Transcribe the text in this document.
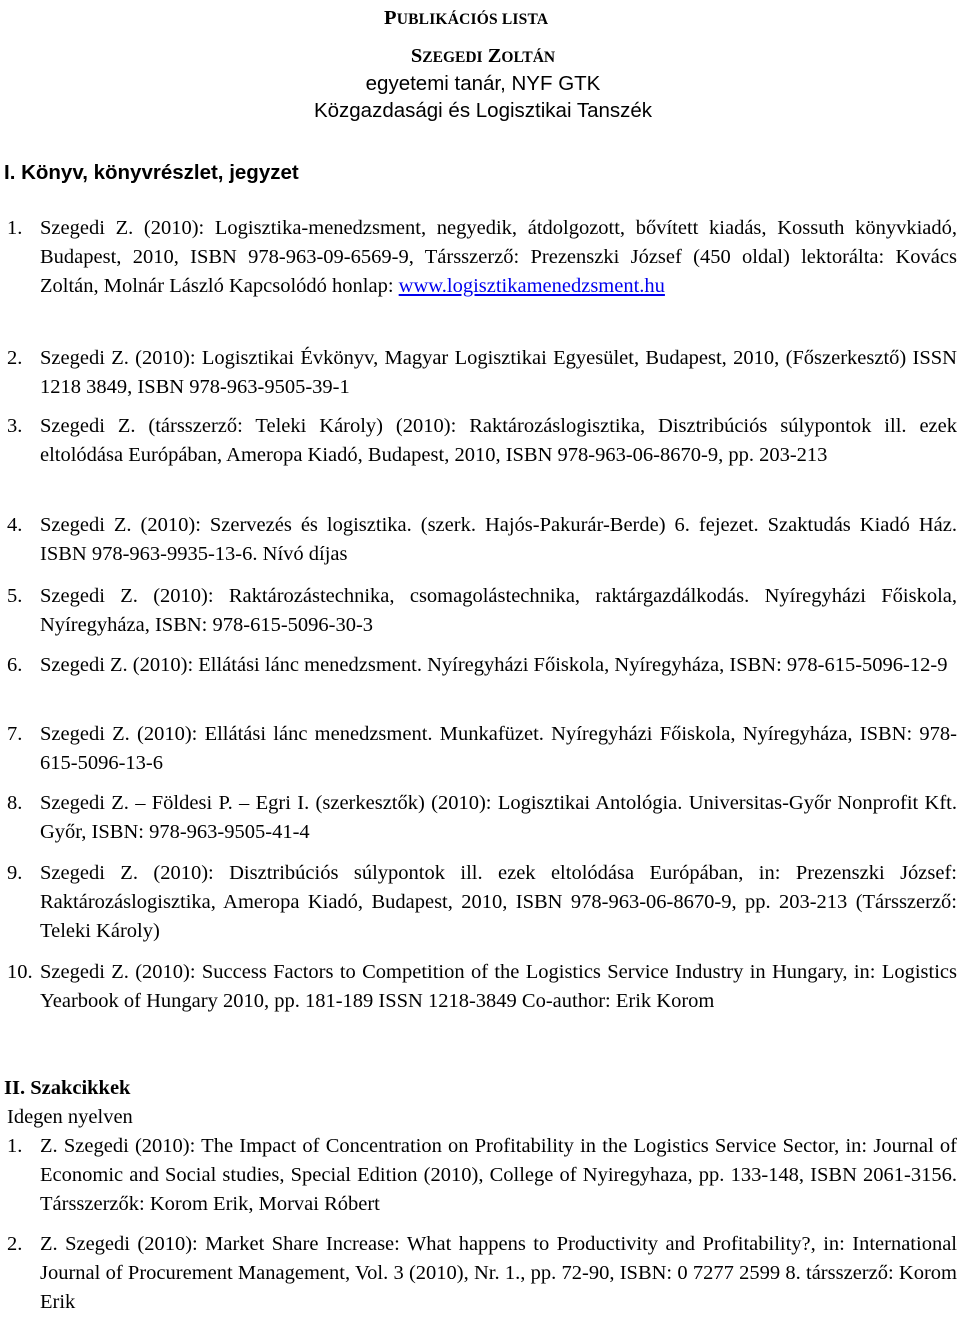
PUBLIKÁCIÓS LISTA
SZEGEDI ZOLTÁN
egyetemi tanár, NYF GTK
Közgazdasági és Logisztikai Tanszék
I. Könyv, könyvrészlet, jegyzet
1. Szegedi Z. (2010): Logisztika-menedzsment, negyedik, átdolgozott, bővített kiadás, Kossuth könyvkiadó, Budapest, 2010, ISBN 978-963-09-6569-9, Társszerző: Prezenszki József (450 oldal) lektorálta: Kovács Zoltán, Molnár László Kapcsolódó honlap: www.logisztikamenedzsment.hu
2. Szegedi Z. (2010): Logisztikai Évkönyv, Magyar Logisztikai Egyesület, Budapest, 2010, (Főszerkesztő) ISSN 1218 3849, ISBN 978-963-9505-39-1
3. Szegedi Z. (társszerző: Teleki Károly) (2010): Raktározáslogisztika, Disztribúciós súlypontok ill. ezek eltolódása Európában, Ameropa Kiadó, Budapest, 2010, ISBN 978-963-06-8670-9, pp. 203-213
4. Szegedi Z. (2010): Szervezés és logisztika. (szerk. Hajós-Pakurár-Berde) 6. fejezet. Szaktudás Kiadó Ház. ISBN 978-963-9935-13-6. Nívó díjas
5. Szegedi Z. (2010): Raktározástechnika, csomagolástechnika, raktárgazdálkodás. Nyíregyházi Főiskola, Nyíregyháza, ISBN: 978-615-5096-30-3
6. Szegedi Z. (2010): Ellátási lánc menedzsment. Nyíregyházi Főiskola, Nyíregyháza, ISBN: 978-615-5096-12-9
7. Szegedi Z. (2010): Ellátási lánc menedzsment. Munkafüzet. Nyíregyházi Főiskola, Nyíregyháza, ISBN: 978-615-5096-13-6
8. Szegedi Z. – Földesi P. – Egri I. (szerkesztők) (2010): Logisztikai Antológia. Universitas-Győr Nonprofit Kft. Győr, ISBN: 978-963-9505-41-4
9. Szegedi Z. (2010): Disztribúciós súlypontok ill. ezek eltolódása Európában, in: Prezenszki József: Raktározáslogisztika, Ameropa Kiadó, Budapest, 2010, ISBN 978-963-06-8670-9, pp. 203-213 (Társszerző: Teleki Károly)
10. Szegedi Z. (2010): Success Factors to Competition of the Logistics Service Industry in Hungary, in: Logistics Yearbook of Hungary 2010, pp. 181-189 ISSN 1218-3849 Co-author: Erik Korom
II. Szakcikkek
Idegen nyelven
1. Z. Szegedi (2010): The Impact of Concentration on Profitability in the Logistics Service Sector, in: Journal of Economic and Social studies, Special Edition (2010), College of Nyiregyhaza, pp. 133-148, ISBN 2061-3156. Társszerzők: Korom Erik, Morvai Róbert
2. Z. Szegedi (2010): Market Share Increase: What happens to Productivity and Profitability?, in: International Journal of Procurement Management, Vol. 3 (2010), Nr. 1., pp. 72-90, ISBN: 0 7277 2599 8. társszerző: Korom Erik
